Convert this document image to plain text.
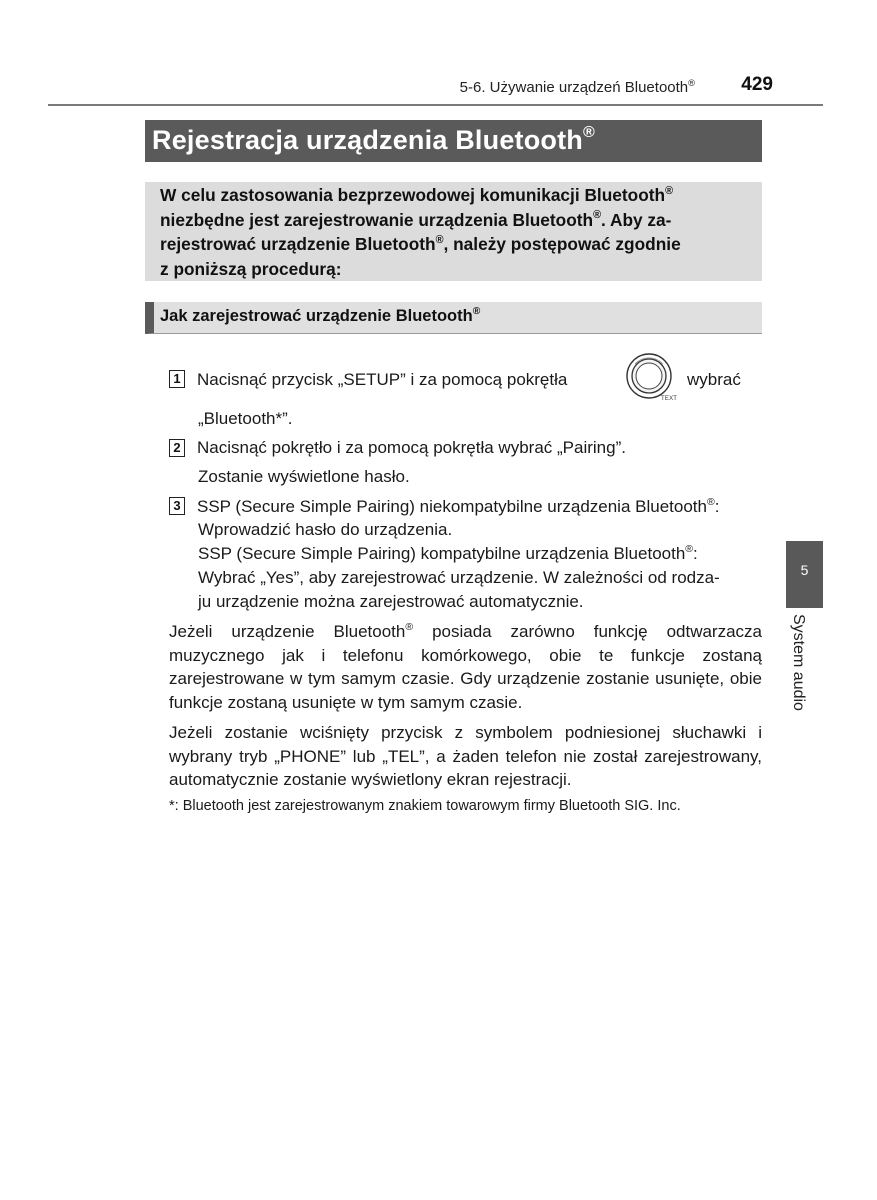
5-6. Używanie urządzeń Bluetooth® 429
5
System audio
Rejestracja urządzenia Bluetooth®
W celu zastosowania bezprzewodowej komunikacji Bluetooth®
niezbędne jest zarejestrowanie urządzenia Bluetooth®. Aby za-
rejestrować urządzenie Bluetooth®, należy postępować zgodnie
z poniższą procedurą:
Jak zarejestrować urządzenie Bluetooth®
1 Nacisnąć przycisk „SETUP” i za pomocą pokrętła
TEXT
wybrać
„Bluetooth*”.
2 Nacisnąć pokrętło i za pomocą pokrętła wybrać „Pairing”.
Zostanie wyświetlone hasło.
3 SSP (Secure Simple Pairing) niekompatybilne urządzenia Bluetooth®:
Wprowadzić hasło do urządzenia.
SSP (Secure Simple Pairing) kompatybilne urządzenia Bluetooth®:
Wybrać „Yes”, aby zarejestrować urządzenie. W zależności od rodza-
ju urządzenie można zarejestrować automatycznie.
Jeżeli urządzenie Bluetooth® posiada zarówno funkcję odtwarzacza muzycznego jak i telefonu komórkowego, obie te funkcje zostaną zarejestrowane w tym samym czasie. Gdy urządzenie zostanie usunięte, obie funkcje zostaną usunięte w tym samym czasie.
Jeżeli zostanie wciśnięty przycisk z symbolem podniesionej słuchawki i wybrany tryb „PHONE” lub „TEL”, a żaden telefon nie został zarejestrowany, automatycznie zostanie wyświetlony ekran rejestracji.
*: Bluetooth jest zarejestrowanym znakiem towarowym firmy Bluetooth SIG. Inc.
